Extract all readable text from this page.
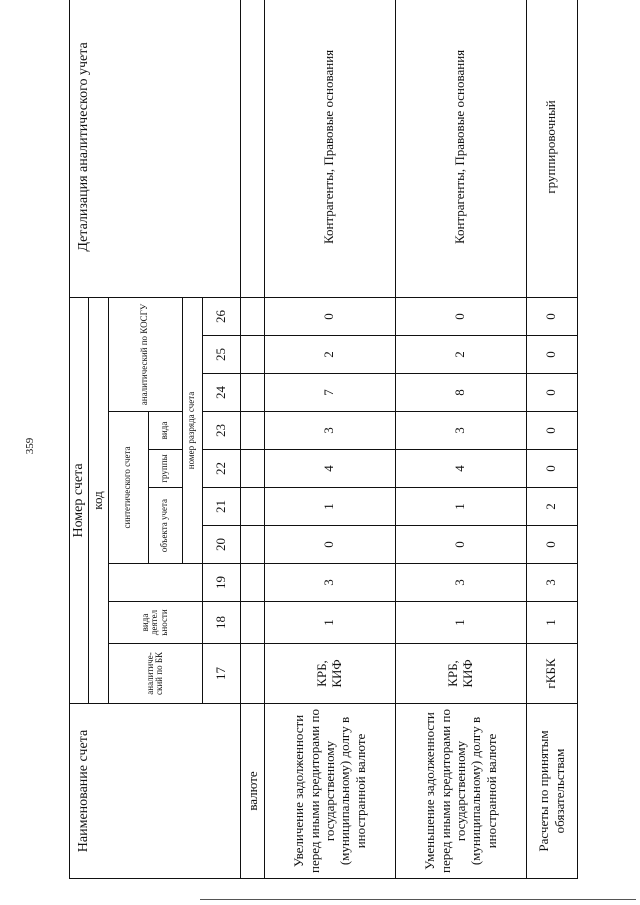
359
Наименование счета	Номер счета										Детализация аналитического учета
	код										
	аналитический по БК	вида деятел ьности		синтетического счета				аналитический по КОСГУ			
				объекта учета		группы	вида				
				номер разряда счета							
	17	18	19	20	21	22	23	24	25	26	
валюте											
Увеличение задолженности перед иными кредиторами по государственному (муниципальному) долгу в иностранной валюте	КРБ, КИФ	1	3	0	1	4	3	7	2	0	Контрагенты, Правовые основания
Уменьшение задолженности перед иными кредиторами по государственному (муниципальному) долгу в иностранной валюте	КРБ, КИФ	1	3	0	1	4	3	8	2	0	Контрагенты, Правовые основания
Расчеты по принятым обязательствам	гКБК	1	3	0	2	0	0	0	0	0	группировочный
